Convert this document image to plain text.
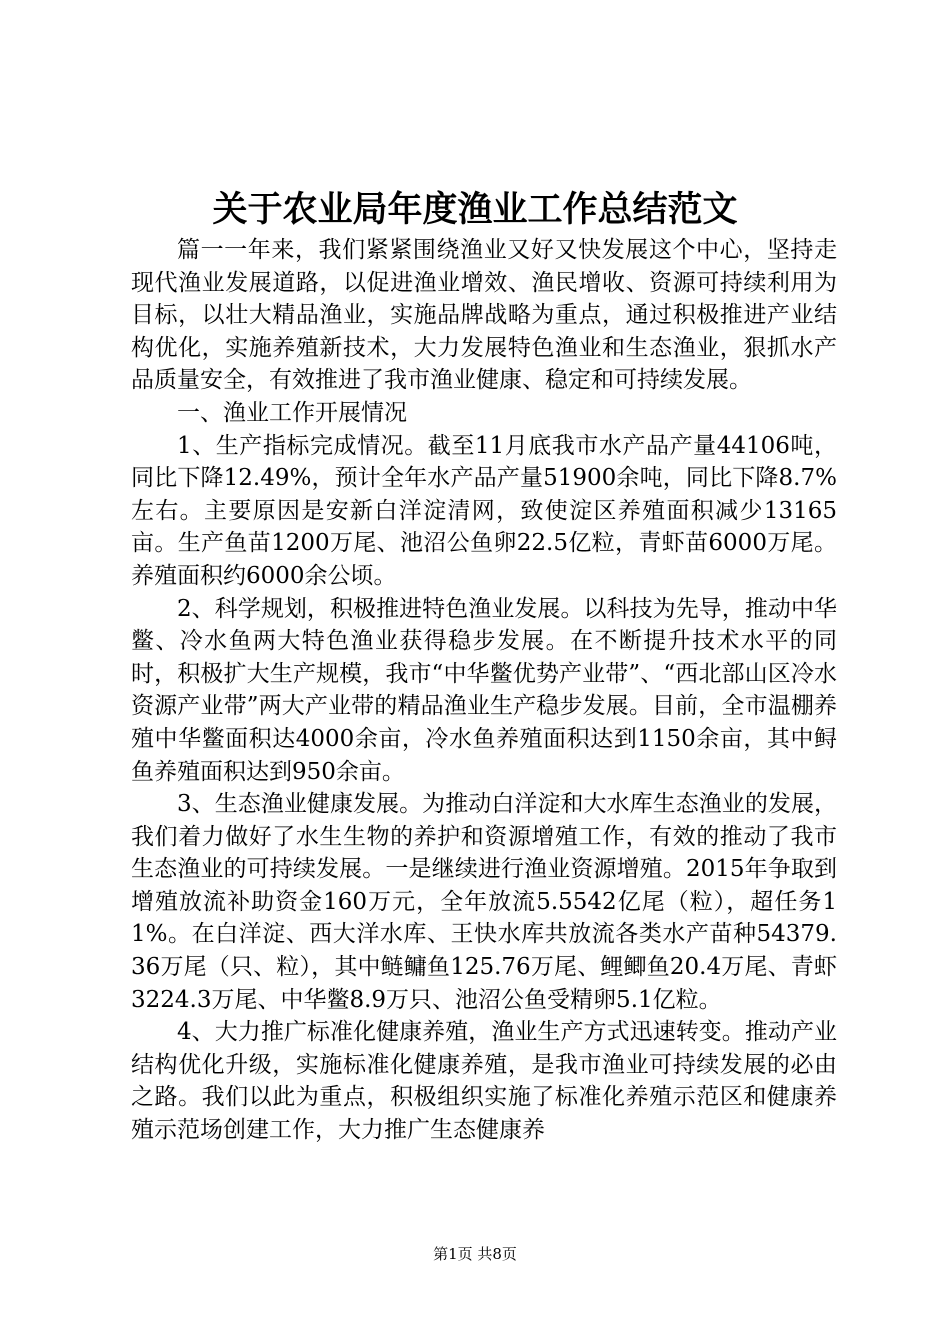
关于农业局年度渔业工作总结范文

篇一一年来，我们紧紧围绕渔业又好又快发展这个中心，坚持走现代渔业发展道路，以促进渔业增效、渔民增收、资源可持续利用为目标，以壮大精品渔业，实施品牌战略为重点，通过积极推进产业结构优化，实施养殖新技术，大力发展特色渔业和生态渔业，狠抓水产品质量安全，有效推进了我市渔业健康、稳定和可持续发展。

一、渔业工作开展情况

1、生产指标完成情况。截至11月底我市水产品产量44106吨，同比下降12.49%，预计全年水产品产量51900余吨，同比下降8.7%左右。主要原因是安新白洋淀清网，致使淀区养殖面积减少13165亩。生产鱼苗1200万尾、池沼公鱼卵22.5亿粒，青虾苗6000万尾。养殖面积约6000余公顷。

2、科学规划，积极推进特色渔业发展。以科技为先导，推动中华鳖、冷水鱼两大特色渔业获得稳步发展。在不断提升技术水平的同时，积极扩大生产规模，我市“中华鳖优势产业带”、“西北部山区冷水资源产业带”两大产业带的精品渔业生产稳步发展。目前，全市温棚养殖中华鳖面积达4000余亩，冷水鱼养殖面积达到1150余亩，其中鲟鱼养殖面积达到950余亩。

3、生态渔业健康发展。为推动白洋淀和大水库生态渔业的发展，我们着力做好了水生生物的养护和资源增殖工作，有效的推动了我市生态渔业的可持续发展。一是继续进行渔业资源增殖。2015年争取到增殖放流补助资金160万元，全年放流5.5542亿尾（粒），超任务11%。在白洋淀、西大洋水库、王快水库共放流各类水产苗种54379.36万尾（只、粒），其中鲢鳙鱼125.76万尾、鲤鲫鱼20.4万尾、青虾3224.3万尾、中华鳖8.9万只、池沼公鱼受精卵5.1亿粒。

4、大力推广标准化健康养殖，渔业生产方式迅速转变。推动产业结构优化升级，实施标准化健康养殖，是我市渔业可持续发展的必由之路。我们以此为重点，积极组织实施了标准化养殖示范区和健康养殖示范场创建工作，大力推广生态健康养

第1页 共8页
